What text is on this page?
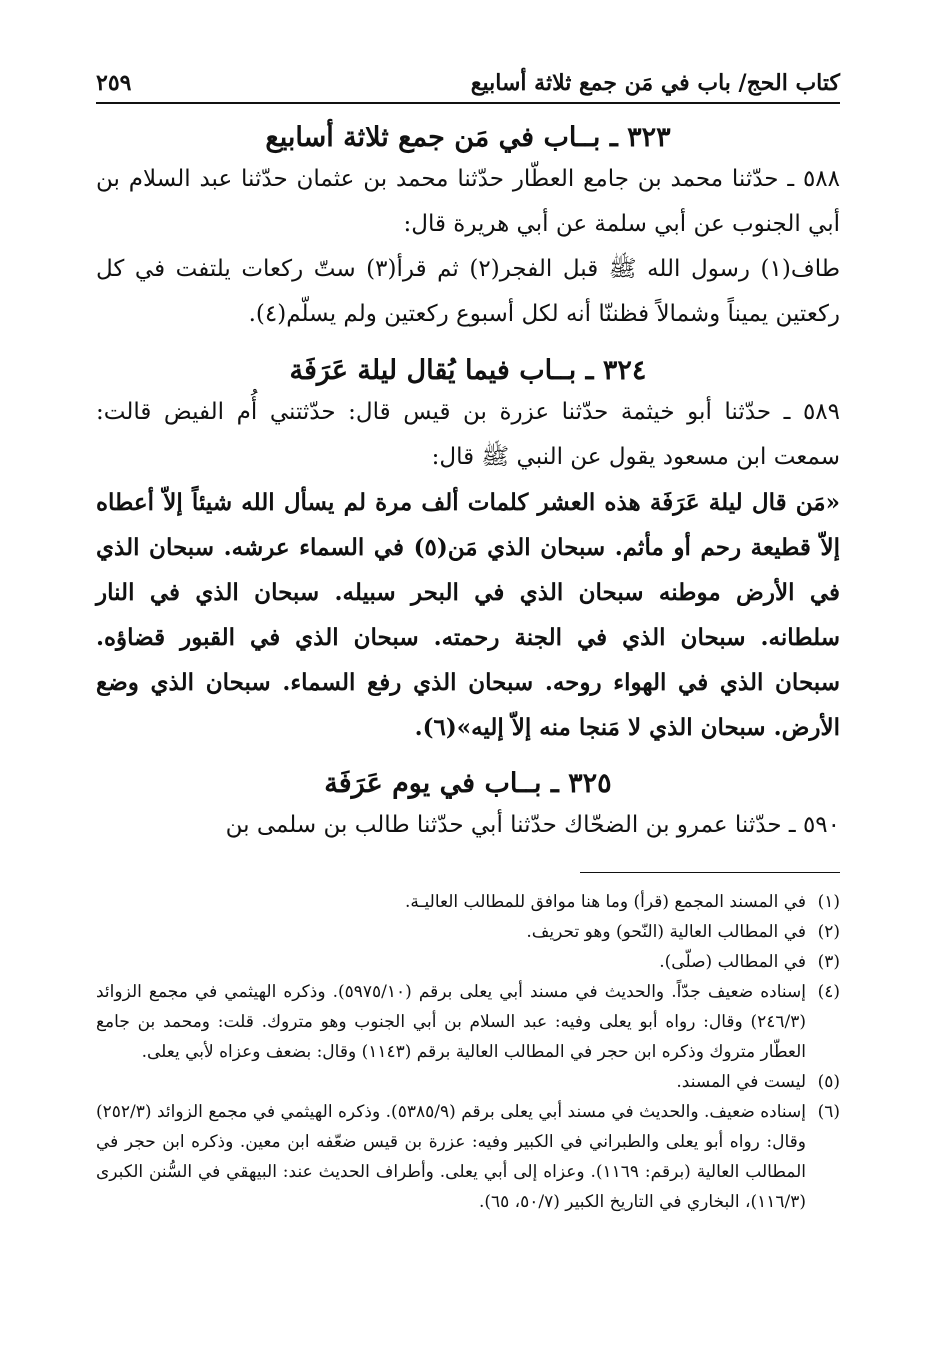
كتاب الحج/ باب في مَن جمع ثلاثة أسابيع
٢٥٩
٣٢٣ ـ بــاب في مَن جمع ثلاثة أسابيع
٥٨٨ ـ حدّثنا محمد بن جامع العطّار حدّثنا محمد بن عثمان حدّثنا عبد السلام بن أبي الجنوب عن أبي سلمة عن أبي هريرة قال:
طاف(١) رسول الله ﷺ قبل الفجر(٢) ثم قرأ(٣) ستّ ركعات يلتفت في كل ركعتين يميناً وشمالاً فظننّا أنه لكل أسبوع ركعتين ولم يسلّم(٤).
٣٢٤ ـ بــاب فيما يُقال ليلة عَرَفَة
٥٨٩ ـ حدّثنا أبو خيثمة حدّثنا عزرة بن قيس قال: حدّثتني أُم الفيض قالت: سمعت ابن مسعود يقول عن النبي ﷺ قال:
«مَن قال ليلة عَرَفَة هذه العشر كلمات ألف مرة لم يسأل الله شيئاً إلاّ أعطاه إلاّ قطيعة رحم أو مأثم. سبحان الذي مَن(٥) في السماء عرشه. سبحان الذي في الأرض موطنه سبحان الذي في البحر سبيله. سبحان الذي في النار سلطانه. سبحان الذي في الجنة رحمته. سبحان الذي في القبور قضاؤه. سبحان الذي في الهواء روحه. سبحان الذي رفع السماء. سبحان الذي وضع الأرض. سبحان الذي لا مَنجا منه إلاّ إليه»(٦).
٣٢٥ ـ بــاب في يوم عَرَفَة
٥٩٠ ـ حدّثنا عمرو بن الضحّاك حدّثنا أبي حدّثنا طالب بن سلمى بن
(١)
في المسند المجمع (قرأ) وما هنا موافق للمطالب العاليـة.
(٢)
في المطالب العالية (النّحو) وهو تحريف.
(٣)
في المطالب (صلّى).
(٤)
إسناده ضعيف جدّاً. والحديث في مسند أبي يعلى برقم (٥٩٧٥/١٠). وذكره الهيثمي في مجمع الزوائد (٢٤٦/٣) وقال: رواه أبو يعلى وفيه: عبد السلام بن أبي الجنوب وهو متروك. قلت: ومحمد بن جامع العطّار متروك وذكره ابن حجر في المطالب العالية برقم (١١٤٣) وقال: بضعف وعزاه لأبي يعلى.
(٥)
ليست في المسند.
(٦)
إسناده ضعيف. والحديث في مسند أبي يعلى برقم (٥٣٨٥/٩). وذكره الهيثمي في مجمع الزوائد (٢٥٢/٣) وقال: رواه أبو يعلى والطبراني في الكبير وفيه: عزرة بن قيس ضعّفه ابن معين. وذكره ابن حجر في المطالب العالية (برقم: ١١٦٩). وعزاه إلى أبي يعلى. وأطراف الحديث عند: البيهقي في السُّنن الكبرى (١١٦/٣)، البخاري في التاريخ الكبير (٥٠/٧، ٦٥).
